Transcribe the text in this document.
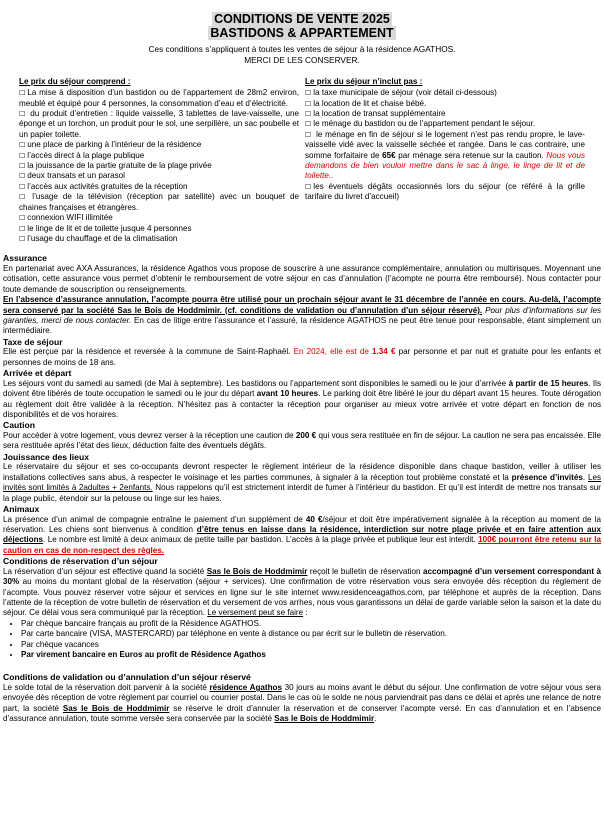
CONDITIONS DE VENTE 2025
BASTIDONS & APPARTEMENT
Ces conditions s’appliquent à toutes les ventes de séjour à la résidence AGATHOS.
MERCI DE LES CONSERVER.
Le prix du séjour comprend :
☐ La mise à disposition d’un bastidon ou de l’appartement de 28m2 environ, meublé et équipé pour 4 personnes, la consommation d’eau et d’électricité.
☐ du produit d’entretien : liquide vaisselle, 3 tablettes de lave-vaisselle, une éponge et un torchon, un produit pour le sol, une serpillère, un sac poubelle et un papier toilette.
☐ une place de parking à l’intérieur de la résidence
☐ l’accès direct à la plage publique
☐ la jouissance de la partie gratuite de la plage privée
☐ deux transats et un parasol
☐ l’accès aux activités gratuites de la réception
☐ l’usage de la télévision (réception par satellite) avec un bouquet de chaines françaises et étrangères.
☐ connexion WIFI illimitée
☐ le linge de lit et de toilette jusque 4 personnes
☐ l’usage du chauffage et de la climatisation
Le prix du séjour n’inclut pas :
☐ la taxe municipale de séjour (voir détail ci-dessous)
☐ la location de lit et chaise bébé.
☐ la location de transat supplémentaire
☐ le ménage du bastidon ou de l’appartement pendant le séjour.
☐ le ménage en fin de séjour si le logement n’est pas rendu propre, le lave-vaisselle vidé avec la vaisselle séchée et rangée. Dans le cas contraire, une somme forfaitaire de 65€ par ménage sera retenue sur la caution. Nous vous demandons de bien vouloir mettre dans le sac à linge, le linge de lit et de toilette..
☐ les éventuels dégâts occasionnés lors du séjour (ce référé à la grille tarifaire du livret d’accueil)
Assurance

En partenariat avec AXA Assurances, la résidence Agathos vous propose de souscrire à une assurance complémentaire, annulation ou multirisques. Moyennant une cotisation, cette assurance vous permet d’obtenir le remboursement de votre séjour en cas d’annulation (l’acompte ne pourra être remboursé). Nous contacter pour toute demande de souscription ou renseignements.

En l’absence d’assurance annulation, l’acompte pourra être utilisé pour un prochain séjour avant le 31 décembre de l’année en cours. Au-delà, l’acompte sera conservé par la société Sas le Bois de Hoddmimir. (cf. conditions de validation ou d’annulation d’un séjour réservé). Pour plus d’informations sur les garanties, merci de nous contacter. En cas de litige entre l’assurance et l’assuré, la résidence AGATHOS ne peut être tenue pour responsable, étant simplement un intermédiaire.

Taxe de séjour

Elle est perçue par la résidence et reversée à la commune de Saint-Raphaël. En 2024, elle est de 1.34 € par personne et par nuit et gratuite pour les enfants et personnes de moins de 18 ans.

Arrivée et départ

Les séjours vont du samedi au samedi (de Mai à septembre). Les bastidons ou l’appartement sont disponibles le samedi ou le jour d’arrivée à partir de 15 heures. Ils doivent être libérés de toute occupation le samedi ou le jour du départ avant 10 heures. Le parking doit être libéré le jour du départ avant 15 heures. Toute dérogation au règlement doit être validée à la réception. N’hésitez pas à contacter la réception pour organiser au mieux votre arrivée et votre départ en fonction de nos disponibilités et de vos horaires.

Caution

Pour accéder à votre logement, vous devrez verser à la réception une caution de 200 € qui vous sera restituée en fin de séjour. La caution ne sera pas encaissée. Elle sera restituée après l’état des lieux, déduction faite des éventuels dégâts.

Jouissance des lieux

Le réservataire du séjour et ses co-occupants devront respecter le règlement intérieur de la résidence disponible dans chaque bastidon, veiller à utiliser les installations collectives sans abus, à respecter le voisinage et les parties communes, à signaler à la réception tout problème constaté et la présence d’invités. Les invités sont limités à 2adultes + 2enfants. Nous rappelons qu’il est strictement interdit de fumer à l’intérieur du bastidon. Et qu’il est interdit de mettre nos transats sur la plage public, étendoir sur la pelouse ou linge sur les haies.

Animaux

La présence d’un animal de compagnie entraîne le paiement d’un supplément de 40 €/séjour et doit être impérativement signalée à la réception au moment de la réservation. Les chiens sont bienvenus à condition d’être tenus en laisse dans la résidence, interdiction sur notre plage privée et en faire attention aux déjections. Le nombre est limité à deux animaux de petite taille par bastidon. L’accès à la plage privée et publique leur est interdit. 100€ pourront être retenu sur la caution en cas de non-respect des règles.

Conditions de réservation d’un séjour

La réservation d’un séjour est effective quand la société Sas le Bois de Hoddmimir reçoit le bulletin de réservation accompagné d’un versement correspondant à 30% au moins du montant global de la réservation (séjour + services). Une confirmation de votre réservation vous sera envoyée dès réception du règlement de l’acompte. Vous pouvez réserver votre séjour et services en ligne sur le site internet www.residenceagathos.com, par téléphone et auprès de la réception. Dans l’attente de la réception de votre bulletin de réservation et du versement de vos arrhes, nous vous garantissons un délai de garde variable selon la saison et la date du séjour. Ce délai vous sera communiqué par la réception. Le versement peut se faire :

• Par chèque bancaire français au profit de la Résidence AGATHOS.
• Par carte bancaire (VISA, MASTERCARD) par téléphone en vente à distance ou par écrit sur le bulletin de réservation.
• Par chèque vacances
• Par virement bancaire en Euros au profit de Résidence Agathos
Conditions de validation ou d’annulation d’un séjour réservé

Le solde total de la réservation doit parvenir à la société résidence Agathos 30 jours au moins avant le début du séjour. Une confirmation de votre séjour vous sera envoyée dès réception de votre règlement par courriel ou courrier postal. Dans le cas où le solde ne nous parviendrait pas dans ce délai et après une relance de notre part, la société Sas le Bois de Hoddmimir se réserve le droit d’annuler la réservation et de conserver l’acompte versé. En cas d’annulation et en l’absence d’assurance annulation, toute somme versée sera conservée par la société Sas le Bois de Hoddmimir.
